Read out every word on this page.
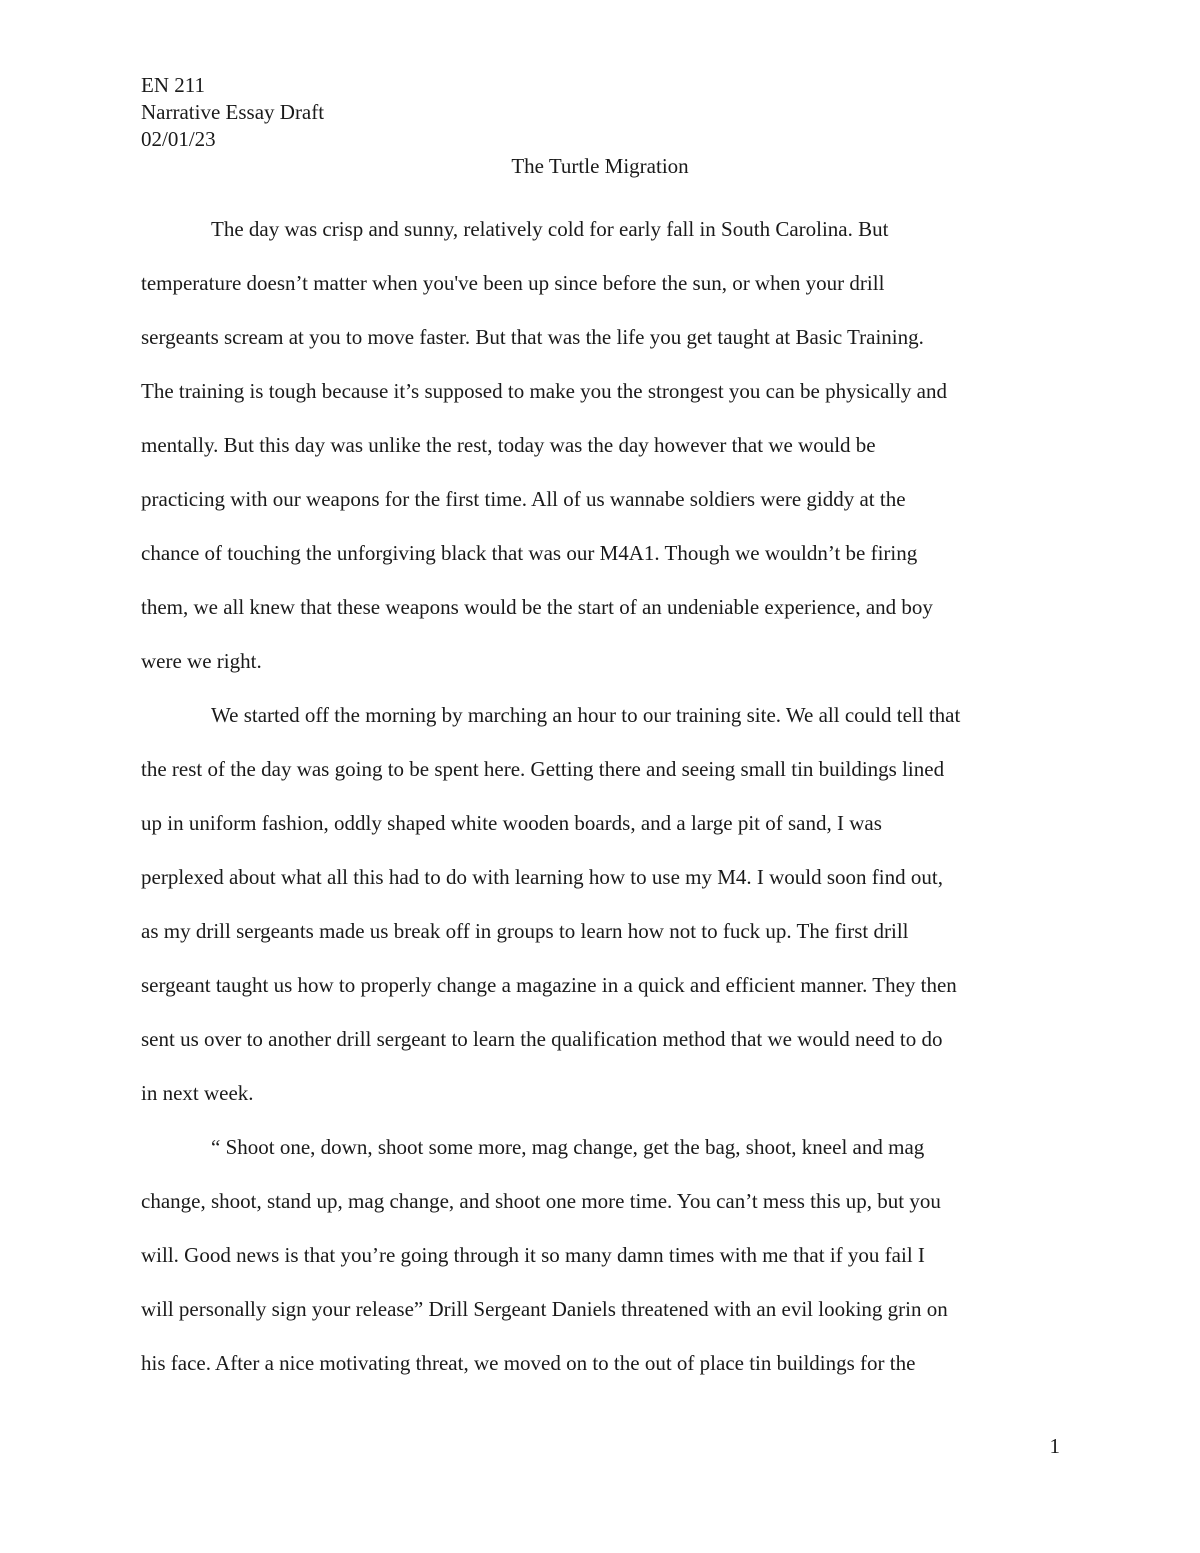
EN 211
Narrative Essay Draft
02/01/23
The Turtle Migration
The day was crisp and sunny, relatively cold for early fall in South Carolina. But
temperature doesn’t matter when you've been up since before the sun, or when your drill
sergeants scream at you to move faster. But that was the life you get taught at Basic Training.
The training is tough because it’s supposed to make you the strongest you can be physically and
mentally. But this day was unlike the rest, today was the day however that we would be
practicing with our weapons for the first time. All of us wannabe soldiers were giddy at the
chance of touching the unforgiving black that was our M4A1. Though we wouldn’t be firing
them, we all knew that these weapons would be the start of an undeniable experience, and boy
were we right.
We started off the morning by marching an hour to our training site. We all could tell that
the rest of the day was going to be spent here. Getting there and seeing small tin buildings lined
up in uniform fashion, oddly shaped white wooden boards, and a large pit of sand, I was
perplexed about what all this had to do with learning how to use my M4. I would soon find out,
as my drill sergeants made us break off in groups to learn how not to fuck up. The first drill
sergeant taught us how to properly change a magazine in a quick and efficient manner. They then
sent us over to another drill sergeant to learn the qualification method that we would need to do
in next week.
“ Shoot one, down, shoot some more, mag change, get the bag, shoot, kneel and mag
change, shoot, stand up, mag change, and shoot one more time. You can’t mess this up, but you
will. Good news is that you’re going through it so many damn times with me that if you fail I
will personally sign your release” Drill Sergeant Daniels threatened with an evil looking grin on
his face. After a nice motivating threat, we moved on to the out of place tin buildings for the
1
